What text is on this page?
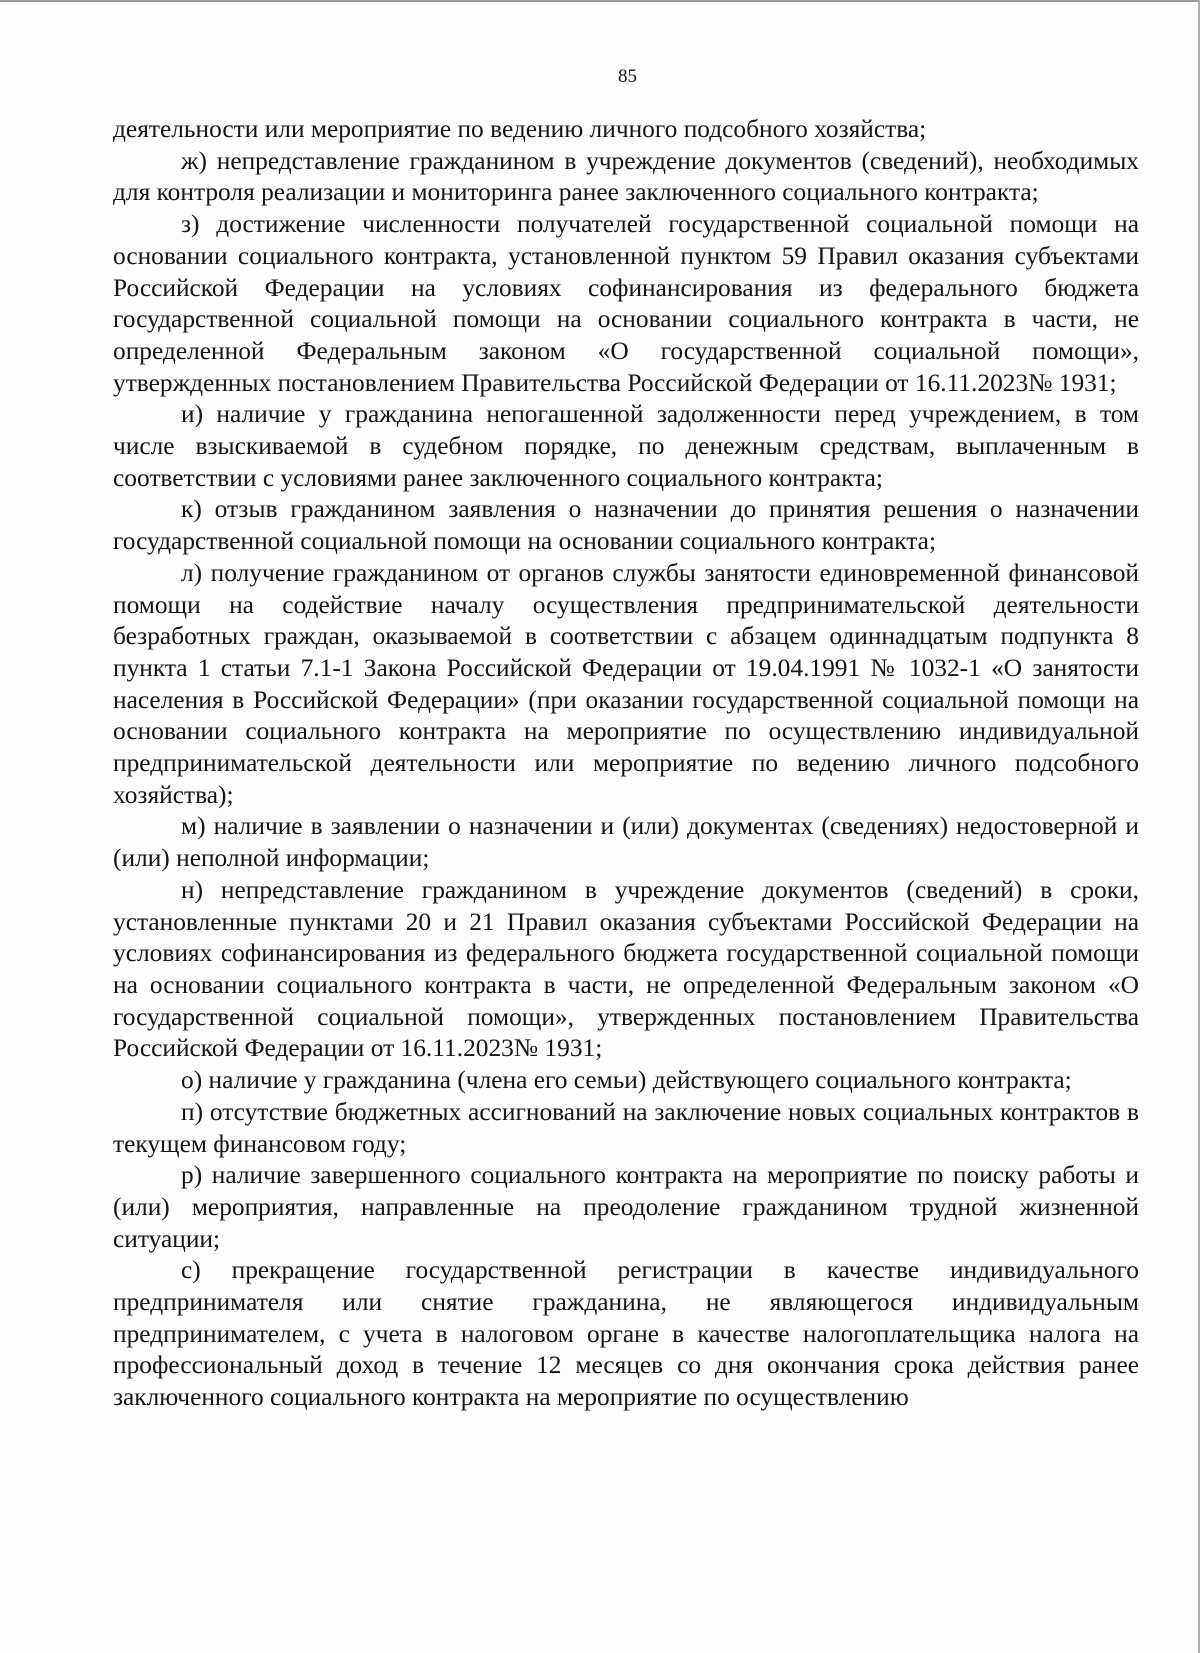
85

деятельности или мероприятие по ведению личного подсобного хозяйства;

ж) непредставление гражданином в учреждение документов (сведений), необходимых для контроля реализации и мониторинга ранее заключенного социального контракта;

з) достижение численности получателей государственной социальной помощи на основании социального контракта, установленной пунктом 59 Правил оказания субъектами Российской Федерации на условиях софинансирования из федерального бюджета государственной социальной помощи на основании социального контракта в части, не определенной Федеральным законом «О государственной социальной помощи», утвержденных постановлением Правительства Российской Федерации от 16.11.2023№ 1931;

и) наличие у гражданина непогашенной задолженности перед учреждением, в том числе взыскиваемой в судебном порядке, по денежным средствам, выплаченным в соответствии с условиями ранее заключенного социального контракта;

к) отзыв гражданином заявления о назначении до принятия решения о назначении государственной социальной помощи на основании социального контракта;

л) получение гражданином от органов службы занятости единовременной финансовой помощи на содействие началу осуществления предпринимательской деятельности безработных граждан, оказываемой в соответствии с абзацем одиннадцатым подпункта 8 пункта 1 статьи 7.1-1 Закона Российской Федерации от 19.04.1991 № 1032-1 «О занятости населения в Российской Федерации» (при оказании государственной социальной помощи на основании социального контракта на мероприятие по осуществлению индивидуальной предпринимательской деятельности или мероприятие по ведению личного подсобного хозяйства);

м) наличие в заявлении о назначении и (или) документах (сведениях) недостоверной и (или) неполной информации;

н) непредставление гражданином в учреждение документов (сведений) в сроки, установленные пунктами 20 и 21 Правил оказания субъектами Российской Федерации на условиях софинансирования из федерального бюджета государственной социальной помощи на основании социального контракта в части, не определенной Федеральным законом «О государственной социальной помощи», утвержденных постановлением Правительства Российской Федерации от 16.11.2023№ 1931;

о) наличие у гражданина (члена его семьи) действующего социального контракта;

п) отсутствие бюджетных ассигнований на заключение новых социальных контрактов в текущем финансовом году;

р) наличие завершенного социального контракта на мероприятие по поиску работы и (или) мероприятия, направленные на преодоление гражданином трудной жизненной ситуации;

с) прекращение государственной регистрации в качестве индивидуального предпринимателя или снятие гражданина, не являющегося индивидуальным предпринимателем, с учета в налоговом органе в качестве налогоплательщика налога на профессиональный доход в течение 12 месяцев со дня окончания срока действия ранее заключенного социального контракта на мероприятие по осуществлению
